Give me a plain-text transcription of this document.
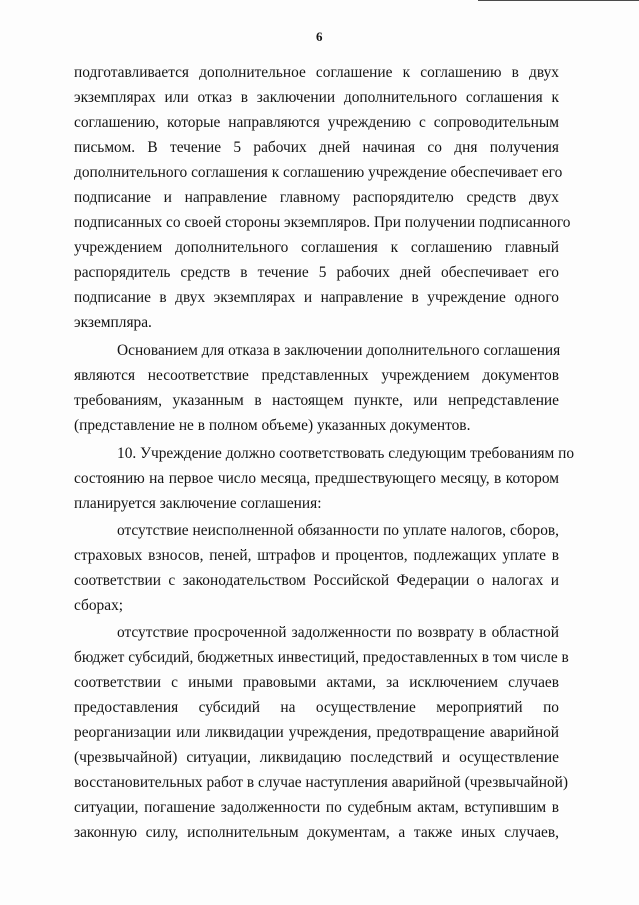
6
подготавливается дополнительное соглашение к соглашению в двух
экземплярах или отказ в заключении дополнительного соглашения к
соглашению, которые направляются учреждению с сопроводительным
письмом. В течение 5 рабочих дней начиная со дня получения
дополнительного соглашения к соглашению учреждение обеспечивает его
подписание и направление главному распорядителю средств двух
подписанных со своей стороны экземпляров. При получении подписанного
учреждением дополнительного соглашения к соглашению главный
распорядитель средств в течение 5 рабочих дней обеспечивает его
подписание в двух экземплярах и направление в учреждение одного
экземпляра.
Основанием для отказа в заключении дополнительного соглашения
являются несоответствие представленных учреждением документов
требованиям, указанным в настоящем пункте, или непредставление
(представление не в полном объеме) указанных документов.
10. Учреждение должно соответствовать следующим требованиям по
состоянию на первое число месяца, предшествующего месяцу, в котором
планируется заключение соглашения:
отсутствие неисполненной обязанности по уплате налогов, сборов,
страховых взносов, пеней, штрафов и процентов, подлежащих уплате в
соответствии с законодательством Российской Федерации о налогах и
сборах;
отсутствие просроченной задолженности по возврату в областной
бюджет субсидий, бюджетных инвестиций, предоставленных в том числе в
соответствии с иными правовыми актами, за исключением случаев
предоставления субсидий на осуществление мероприятий по
реорганизации или ликвидации учреждения, предотвращение аварийной
(чрезвычайной) ситуации, ликвидацию последствий и осуществление
восстановительных работ в случае наступления аварийной (чрезвычайной)
ситуации, погашение задолженности по судебным актам, вступившим в
законную силу, исполнительным документам, а также иных случаев,
